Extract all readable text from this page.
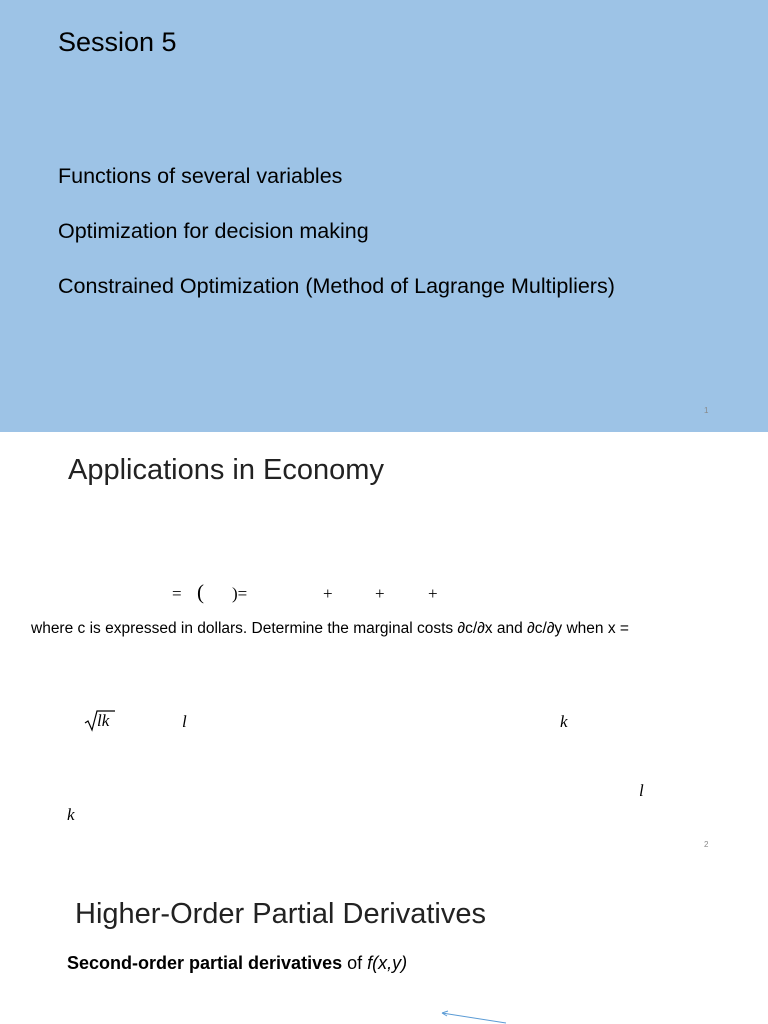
Session 5
Functions of several variables
Optimization for decision making
Constrained Optimization (Method of Lagrange Multipliers)
1
Applications in Economy
= ( )=	+ +	+
where c is expressed in dollars. Determine the marginal costs ∂c/∂x and ∂c/∂y when x =
lk	l	k
l
k
2
Higher-Order Partial Derivatives
Second-order partial derivatives of f(x,y)
